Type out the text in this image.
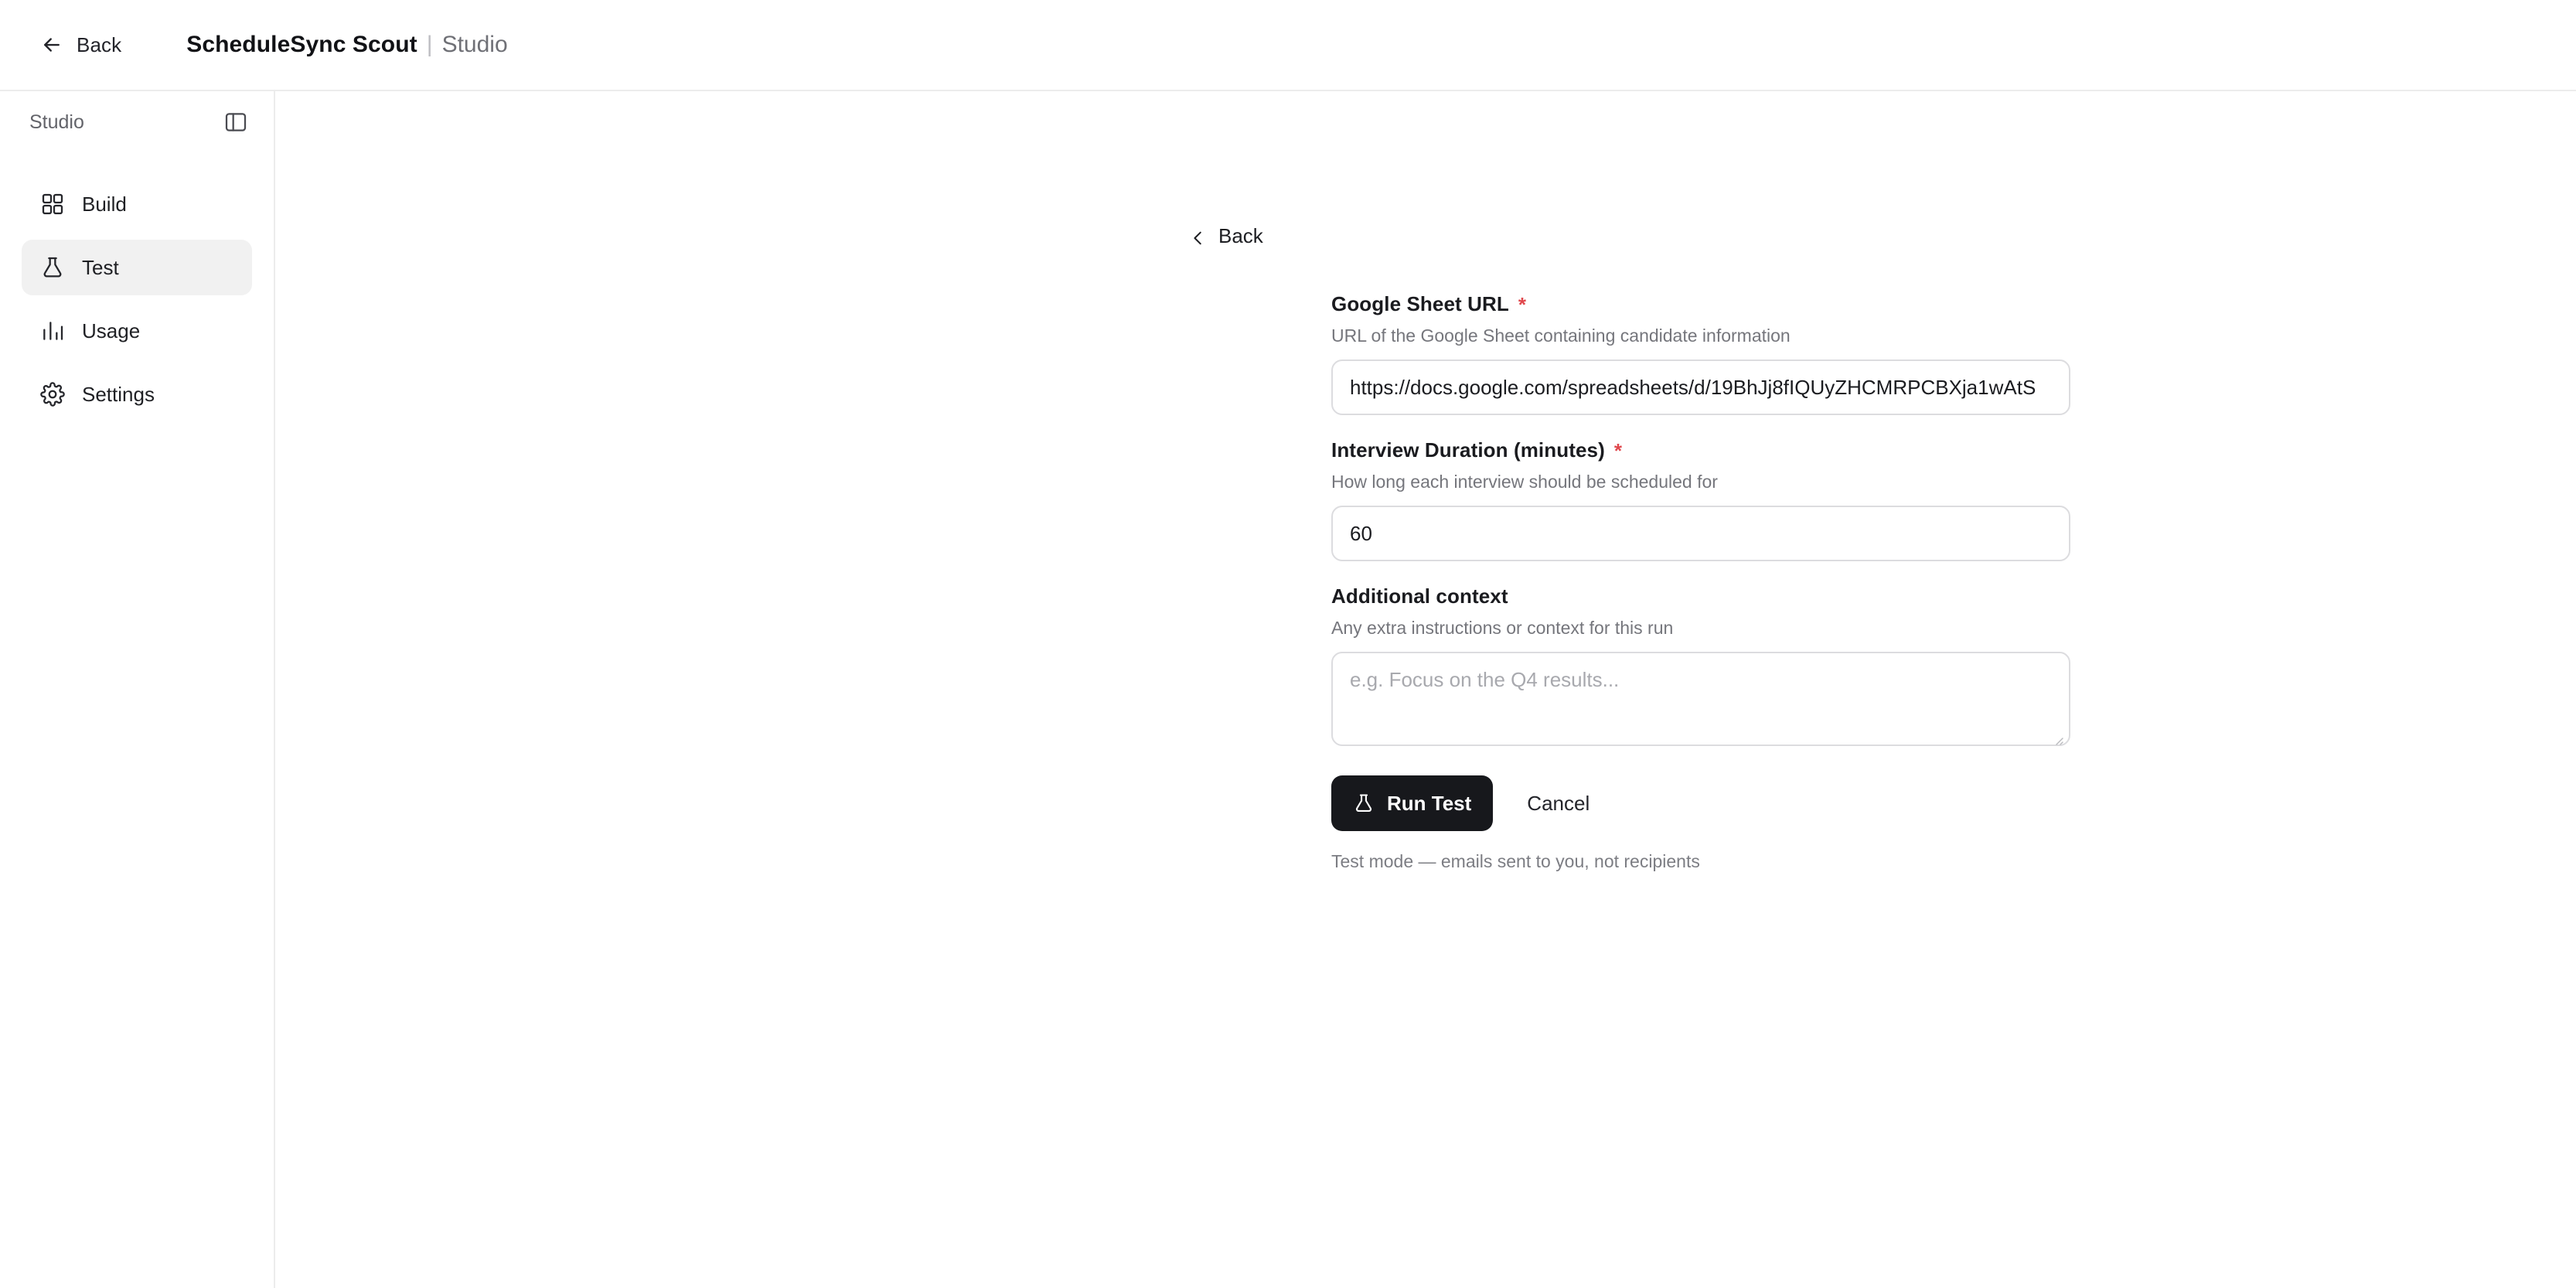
Back	ScheduleSync Scout | Studio
Studio
Build
Test
Usage
Settings
Back
Google Sheet URL *
URL of the Google Sheet containing candidate information
https://docs.google.com/spreadsheets/d/19BhJj8fIQUyZHCMRPCBXja1wAtS
Interview Duration (minutes) *
How long each interview should be scheduled for
60
Additional context
Any extra instructions or context for this run
e.g. Focus on the Q4 results...
Run Test	Cancel
Test mode — emails sent to you, not recipients
